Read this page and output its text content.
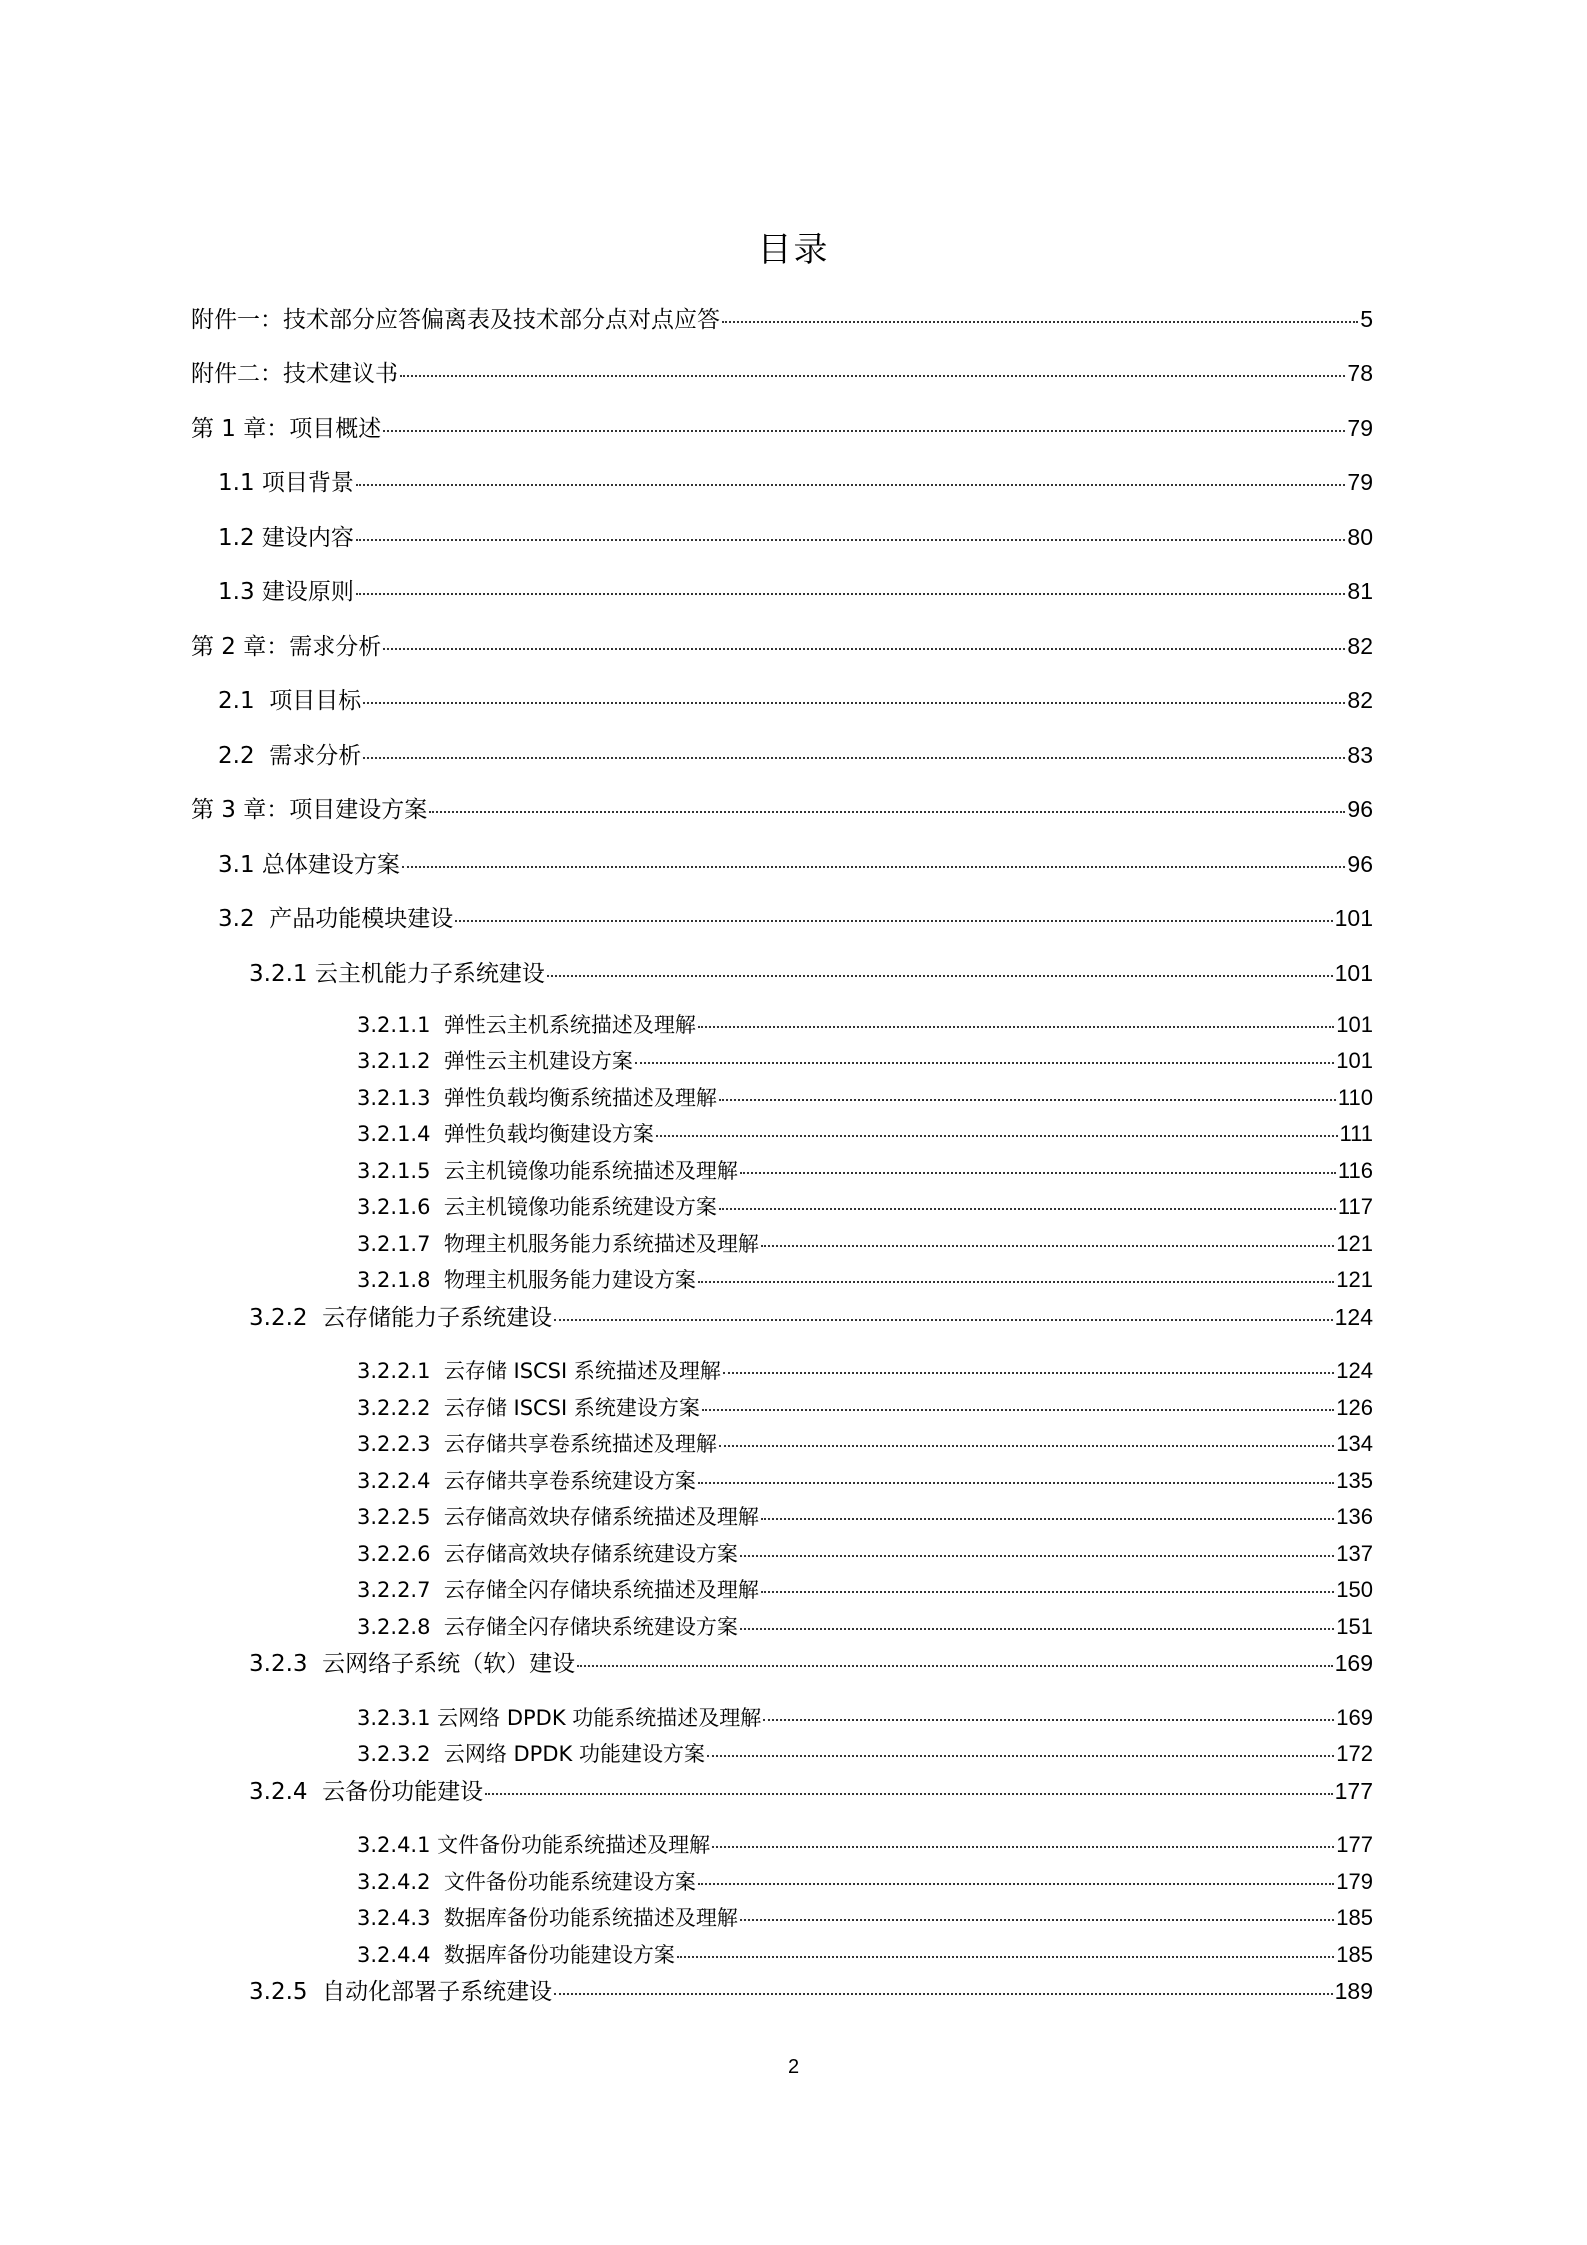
目录
附件一：技术部分应答偏离表及技术部分点对点应答	5
附件二：技术建议书	78
第 1 章：项目概述	79
1.1 项目背景	79
1.2 建设内容	80
1.3 建设原则	81
第 2 章：需求分析	82
2.1  项目目标	82
2.2  需求分析	83
第 3 章：项目建设方案	96
3.1 总体建设方案	96
3.2  产品功能模块建设	101
3.2.1 云主机能力子系统建设	101
3.2.1.1  弹性云主机系统描述及理解	101
3.2.1.2  弹性云主机建设方案	101
3.2.1.3  弹性负载均衡系统描述及理解	110
3.2.1.4  弹性负载均衡建设方案	111
3.2.1.5  云主机镜像功能系统描述及理解	116
3.2.1.6  云主机镜像功能系统建设方案	117
3.2.1.7  物理主机服务能力系统描述及理解	121
3.2.1.8  物理主机服务能力建设方案	121
3.2.2  云存储能力子系统建设	124
3.2.2.1  云存储 ISCSI 系统描述及理解	124
3.2.2.2  云存储 ISCSI 系统建设方案	126
3.2.2.3  云存储共享卷系统描述及理解	134
3.2.2.4  云存储共享卷系统建设方案	135
3.2.2.5  云存储高效块存储系统描述及理解	136
3.2.2.6  云存储高效块存储系统建设方案	137
3.2.2.7  云存储全闪存储块系统描述及理解	150
3.2.2.8  云存储全闪存储块系统建设方案	151
3.2.3  云网络子系统（软）建设	169
3.2.3.1 云网络 DPDK 功能系统描述及理解	169
3.2.3.2  云网络 DPDK 功能建设方案	172
3.2.4  云备份功能建设	177
3.2.4.1 文件备份功能系统描述及理解	177
3.2.4.2  文件备份功能系统建设方案	179
3.2.4.3  数据库备份功能系统描述及理解	185
3.2.4.4  数据库备份功能建设方案	185
3.2.5  自动化部署子系统建设	189
2
